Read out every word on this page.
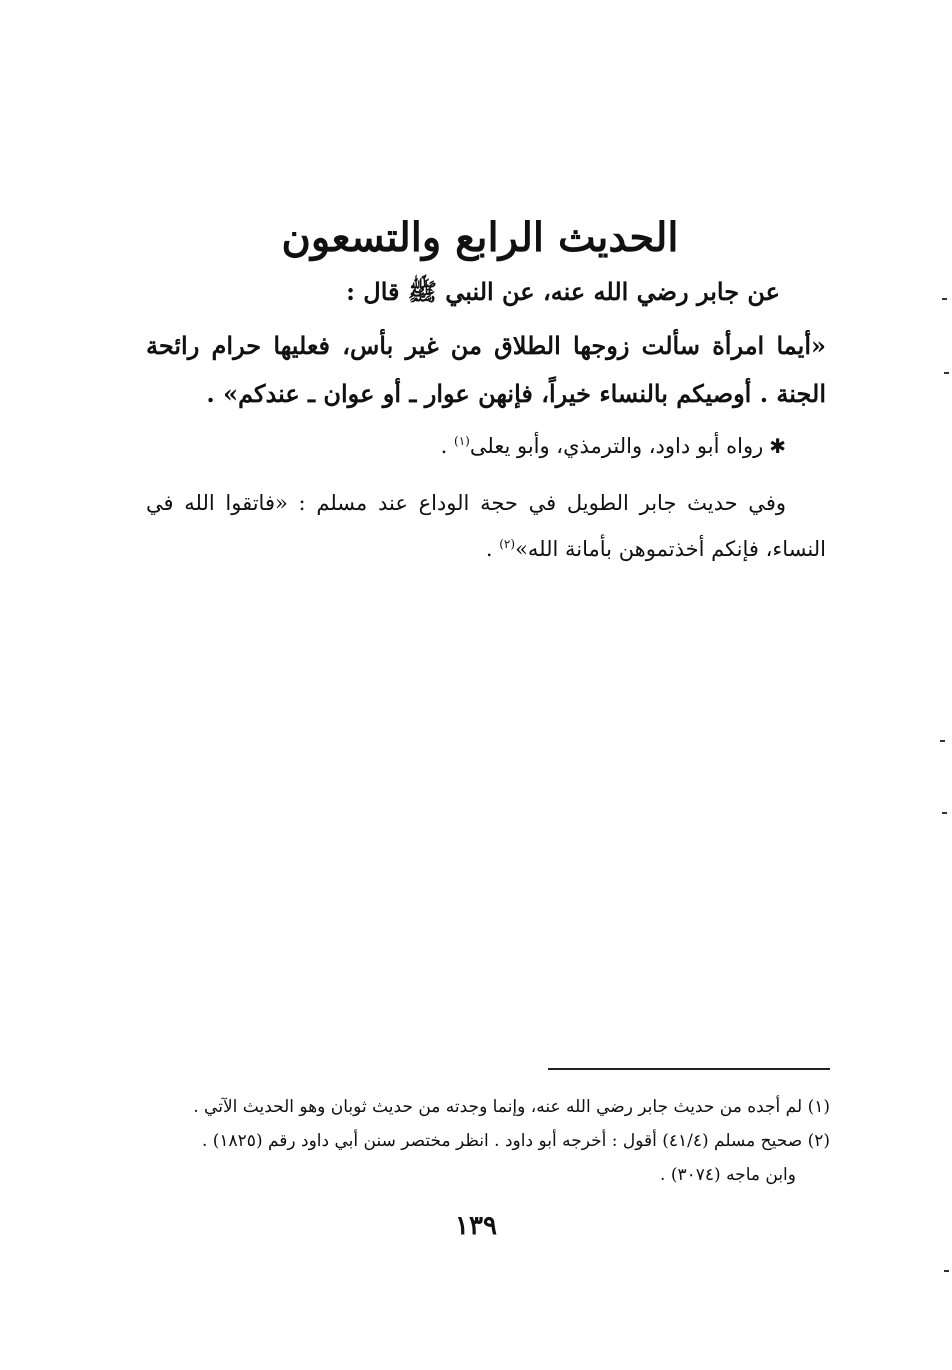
الحديث الرابع والتسعون
عن جابر رضي الله عنه، عن النبي ﷺ قال :
«أيما امرأة سألت زوجها الطلاق من غير بأس، فعليها حرام رائحة الجنة . أوصيكم بالنساء خيراً، فإنهن عوار ـ أو عوان ـ عندكم» .
✱رواه أبو داود، والترمذي، وأبو يعلى$^{(١)}$ .
وفي حديث جابر الطويل في حجة الوداع عند مسلم : «فاتقوا الله في النساء، فإنكم أخذتموهن بأمانة الله»$^{(٢)}$ .
(١) لم أجده من حديث جابر رضي الله عنه، وإنما وجدته من حديث ثوبان وهو الحديث الآتي .
(٢) صحيح مسلم (٤١/٤) أقول : أخرجه أبو داود . انظر مختصر سنن أبي داود رقم (١٨٢٥) .
وابن ماجه (٣٠٧٤) .
١٣٩
